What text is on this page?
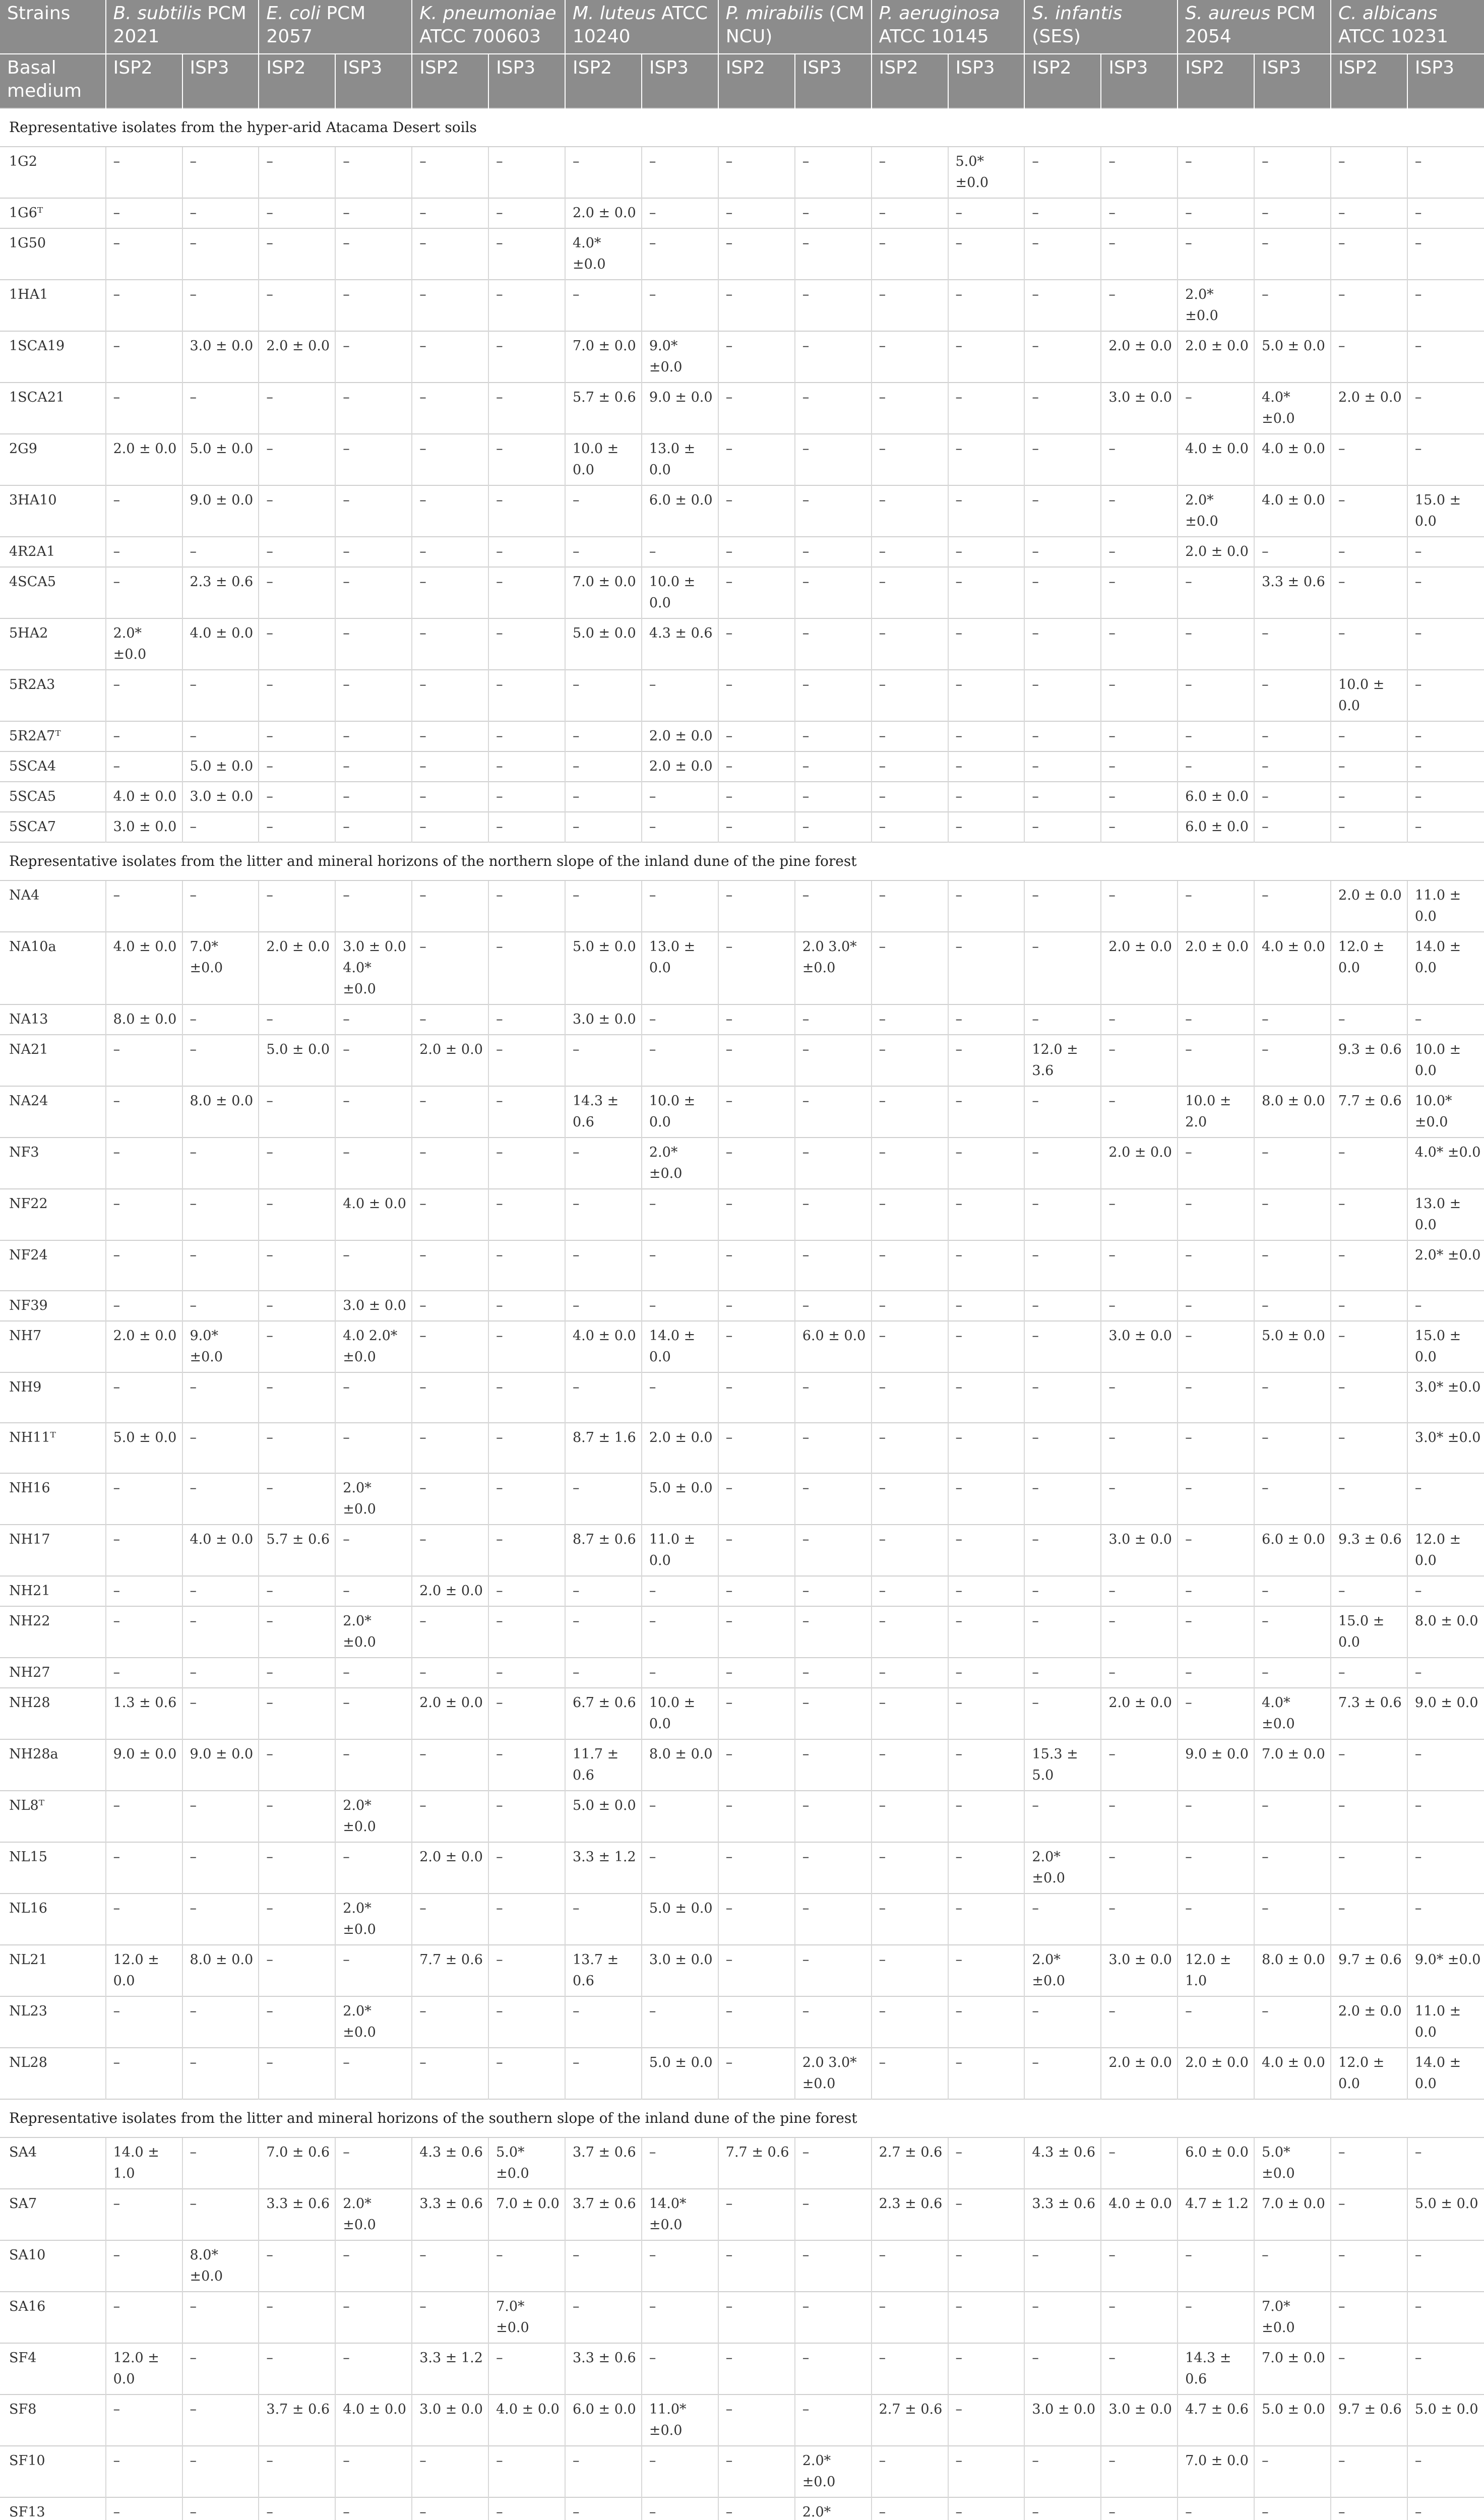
Strains	B. subtilis PCM 2021		E. coli PCM 2057		K. pneumoniae ATCC 700603		M. luteus ATCC 10240		P. mirabilis (CM NCU)		P. aeruginosa ATCC 10145		S. infantis (SES)		S. aureus PCM 2054		C. albicans ATCC 10231	
Basal medium	ISP2	ISP3	ISP2	ISP3	ISP2	ISP3	ISP2	ISP3	ISP2	ISP3	ISP2	ISP3	ISP2	ISP3	ISP2	ISP3	ISP2	ISP3
Representative isolates from the hyper-arid Atacama Desert soils																		
1G2	–	–	–	–	–	–	–	–	–	–	–	5.0* ±0.0	–	–	–	–	–	–
1G6ᵀ	–	–	–	–	–	–	2.0 ± 0.0	–	–	–	–	–	–	–	–	–	–	–
1G50	–	–	–	–	–	–	4.0* ±0.0	–	–	–	–	–	–	–	–	–	–	–
1HA1	–	–	–	–	–	–	–	–	–	–	–	–	–	–	2.0* ±0.0	–	–	–
1SCA19	–	3.0 ± 0.0	2.0 ± 0.0	–	–	–	7.0 ± 0.0	9.0* ±0.0	–	–	–	–	–	2.0 ± 0.0	2.0 ± 0.0	5.0 ± 0.0	–	–
1SCA21	–	–	–	–	–	–	5.7 ± 0.6	9.0 ± 0.0	–	–	–	–	–	3.0 ± 0.0	–	4.0* ±0.0	2.0 ± 0.0	–
2G9	2.0 ± 0.0	5.0 ± 0.0	–	–	–	–	10.0 ± 0.0	13.0 ± 0.0	–	–	–	–	–	–	4.0 ± 0.0	4.0 ± 0.0	–	–
3HA10	–	9.0 ± 0.0	–	–	–	–	–	6.0 ± 0.0	–	–	–	–	–	–	2.0* ±0.0	4.0 ± 0.0	–	15.0 ± 0.0
4R2A1	–	–	–	–	–	–	–	–	–	–	–	–	–	–	2.0 ± 0.0	–	–	–
4SCA5	–	2.3 ± 0.6	–	–	–	–	7.0 ± 0.0	10.0 ± 0.0	–	–	–	–	–	–	–	3.3 ± 0.6	–	–
5HA2	2.0* ±0.0	4.0 ± 0.0	–	–	–	–	5.0 ± 0.0	4.3 ± 0.6	–	–	–	–	–	–	–	–	–	–
5R2A3	–	–	–	–	–	–	–	–	–	–	–	–	–	–	–	–	10.0 ± 0.0	–
5R2A7ᵀ	–	–	–	–	–	–	–	2.0 ± 0.0	–	–	–	–	–	–	–	–	–	–
5SCA4	–	5.0 ± 0.0	–	–	–	–	–	2.0 ± 0.0	–	–	–	–	–	–	–	–	–	–
5SCA5	4.0 ± 0.0	3.0 ± 0.0	–	–	–	–	–	–	–	–	–	–	–	–	6.0 ± 0.0	–	–	–
5SCA7	3.0 ± 0.0	–	–	–	–	–	–	–	–	–	–	–	–	–	6.0 ± 0.0	–	–	–
Representative isolates from the litter and mineral horizons of the northern slope of the inland dune of the pine forest																		
NA4	–	–	–	–	–	–	–	–	–	–	–	–	–	–	–	–	2.0 ± 0.0	11.0 ± 0.0
NA10a	4.0 ± 0.0	7.0* ±0.0	2.0 ± 0.0	3.0 ± 0.0 4.0* ±0.0	–	–	5.0 ± 0.0	13.0 ± 0.0	–	2.0 3.0* ±0.0	–	–	–	2.0 ± 0.0	2.0 ± 0.0	4.0 ± 0.0	12.0 ± 0.0	14.0 ± 0.0
NA13	8.0 ± 0.0	–	–	–	–	–	3.0 ± 0.0	–	–	–	–	–	–	–	–	–	–	–
NA21	–	–	5.0 ± 0.0	–	2.0 ± 0.0	–	–	–	–	–	–	–	12.0 ± 3.6	–	–	–	9.3 ± 0.6	10.0 ± 0.0
NA24	–	8.0 ± 0.0	–	–	–	–	14.3 ± 0.6	10.0 ± 0.0	–	–	–	–	–	–	10.0 ± 2.0	8.0 ± 0.0	7.7 ± 0.6	10.0* ±0.0
NF3	–	–	–	–	–	–	–	2.0* ±0.0	–	–	–	–	–	2.0 ± 0.0	–	–	–	4.0* ±0.0
NF22	–	–	–	4.0 ± 0.0	–	–	–	–	–	–	–	–	–	–	–	–	–	13.0 ± 0.0
NF24	–	–	–	–	–	–	–	–	–	–	–	–	–	–	–	–	–	2.0* ±0.0
NF39	–	–	–	3.0 ± 0.0	–	–	–	–	–	–	–	–	–	–	–	–	–	–
NH7	2.0 ± 0.0	9.0* ±0.0	–	4.0 2.0* ±0.0	–	–	4.0 ± 0.0	14.0 ± 0.0	–	6.0 ± 0.0	–	–	–	3.0 ± 0.0	–	5.0 ± 0.0	–	15.0 ± 0.0
NH9	–	–	–	–	–	–	–	–	–	–	–	–	–	–	–	–	–	3.0* ±0.0
NH11ᵀ	5.0 ± 0.0	–	–	–	–	–	8.7 ± 1.6	2.0 ± 0.0	–	–	–	–	–	–	–	–	–	3.0* ±0.0
NH16	–	–	–	2.0* ±0.0	–	–	–	5.0 ± 0.0	–	–	–	–	–	–	–	–	–	–
NH17	–	4.0 ± 0.0	5.7 ± 0.6	–	–	–	8.7 ± 0.6	11.0 ± 0.0	–	–	–	–	–	3.0 ± 0.0	–	6.0 ± 0.0	9.3 ± 0.6	12.0 ± 0.0
NH21	–	–	–	–	2.0 ± 0.0	–	–	–	–	–	–	–	–	–	–	–	–	–
NH22	–	–	–	2.0* ±0.0	–	–	–	–	–	–	–	–	–	–	–	–	15.0 ± 0.0	8.0 ± 0.0
NH27	–	–	–	–	–	–	–	–	–	–	–	–	–	–	–	–	–	–
NH28	1.3 ± 0.6	–	–	–	2.0 ± 0.0	–	6.7 ± 0.6	10.0 ± 0.0	–	–	–	–	–	2.0 ± 0.0	–	4.0* ±0.0	7.3 ± 0.6	9.0 ± 0.0
NH28a	9.0 ± 0.0	9.0 ± 0.0	–	–	–	–	11.7 ± 0.6	8.0 ± 0.0	–	–	–	–	15.3 ± 5.0	–	9.0 ± 0.0	7.0 ± 0.0	–	–
NL8ᵀ	–	–	–	2.0* ±0.0	–	–	5.0 ± 0.0	–	–	–	–	–	–	–	–	–	–	–
NL15	–	–	–	–	2.0 ± 0.0	–	3.3 ± 1.2	–	–	–	–	–	2.0* ±0.0	–	–	–	–	–
NL16	–	–	–	2.0* ±0.0	–	–	–	5.0 ± 0.0	–	–	–	–	–	–	–	–	–	–
NL21	12.0 ± 0.0	8.0 ± 0.0	–	–	7.7 ± 0.6	–	13.7 ± 0.6	3.0 ± 0.0	–	–	–	–	2.0* ±0.0	3.0 ± 0.0	12.0 ± 1.0	8.0 ± 0.0	9.7 ± 0.6	9.0* ±0.0
NL23	–	–	–	2.0* ±0.0	–	–	–	–	–	–	–	–	–	–	–	–	2.0 ± 0.0	11.0 ± 0.0
NL28	–	–	–	–	–	–	–	5.0 ± 0.0	–	2.0 3.0* ±0.0	–	–	–	2.0 ± 0.0	2.0 ± 0.0	4.0 ± 0.0	12.0 ± 0.0	14.0 ± 0.0
Representative isolates from the litter and mineral horizons of the southern slope of the inland dune of the pine forest																		
SA4	14.0 ± 1.0	–	7.0 ± 0.6	–	4.3 ± 0.6	5.0* ±0.0	3.7 ± 0.6	–	7.7 ± 0.6	–	2.7 ± 0.6	–	4.3 ± 0.6	–	6.0 ± 0.0	5.0* ±0.0	–	–
SA7	–	–	3.3 ± 0.6	2.0* ±0.0	3.3 ± 0.6	7.0 ± 0.0	3.7 ± 0.6	14.0* ±0.0	–	–	2.3 ± 0.6	–	3.3 ± 0.6	4.0 ± 0.0	4.7 ± 1.2	7.0 ± 0.0	–	5.0 ± 0.0
SA10	–	8.0* ±0.0	–	–	–	–	–	–	–	–	–	–	–	–	–	–	–	–
SA16	–	–	–	–	–	7.0* ±0.0	–	–	–	–	–	–	–	–	–	7.0* ±0.0	–	–
SF4	12.0 ± 0.0	–	–	–	3.3 ± 1.2	–	3.3 ± 0.6	–	–	–	–	–	–	–	14.3 ± 0.6	7.0 ± 0.0	–	–
SF8	–	–	3.7 ± 0.6	4.0 ± 0.0	3.0 ± 0.0	4.0 ± 0.0	6.0 ± 0.0	11.0* ±0.0	–	–	2.7 ± 0.6	–	3.0 ± 0.0	3.0 ± 0.0	4.7 ± 0.6	5.0 ± 0.0	9.7 ± 0.6	5.0 ± 0.0
SF10	–	–	–	–	–	–	–	–	–	2.0* ±0.0	–	–	–	–	7.0 ± 0.0	–	–	–
SF13	–	–	–	–	–	–	–	–	–	2.0*	–	–	–	–	–	–	–	–
